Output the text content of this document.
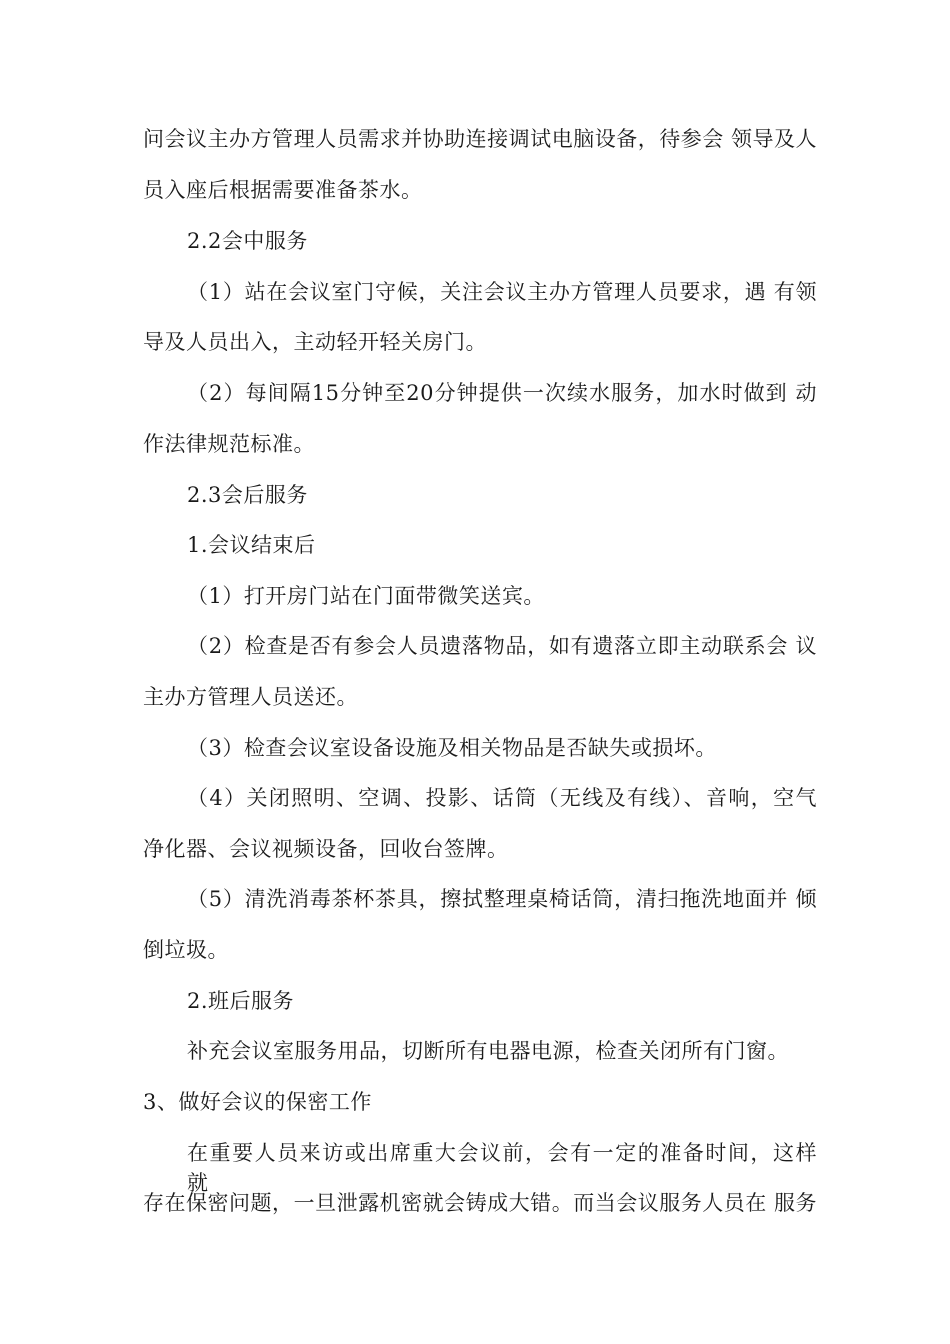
问会议主办方管理人员需求并协助连接调试电脑设备，待参会 领导及人
员入座后根据需要准备茶水。
2.2会中服务
（1）站在会议室门守候，关注会议主办方管理人员要求，遇 有领
导及人员出入，主动轻开轻关房门。
（2）每间隔15分钟至20分钟提供一次续水服务，加水时做到 动
作法律规范标准。
2.3会后服务
1.会议结束后
（1）打开房门站在门面带微笑送宾。
（2）检查是否有参会人员遗落物品，如有遗落立即主动联系会 议
主办方管理人员送还。
（3）检查会议室设备设施及相关物品是否缺失或损坏。
（4）关闭照明、空调、投影、话筒（无线及有线）、音响，空气
净化器、会议视频设备，回收台签牌。
（5）清洗消毒茶杯茶具，擦拭整理桌椅话筒，清扫拖洗地面并 倾
倒垃圾。
2.班后服务
补充会议室服务用品，切断所有电器电源，检查关闭所有门窗。
3、做好会议的保密工作
在重要人员来访或出席重大会议前，会有一定的准备时间，这样 就
存在保密问题，一旦泄露机密就会铸成大错。而当会议服务人员在 服务
